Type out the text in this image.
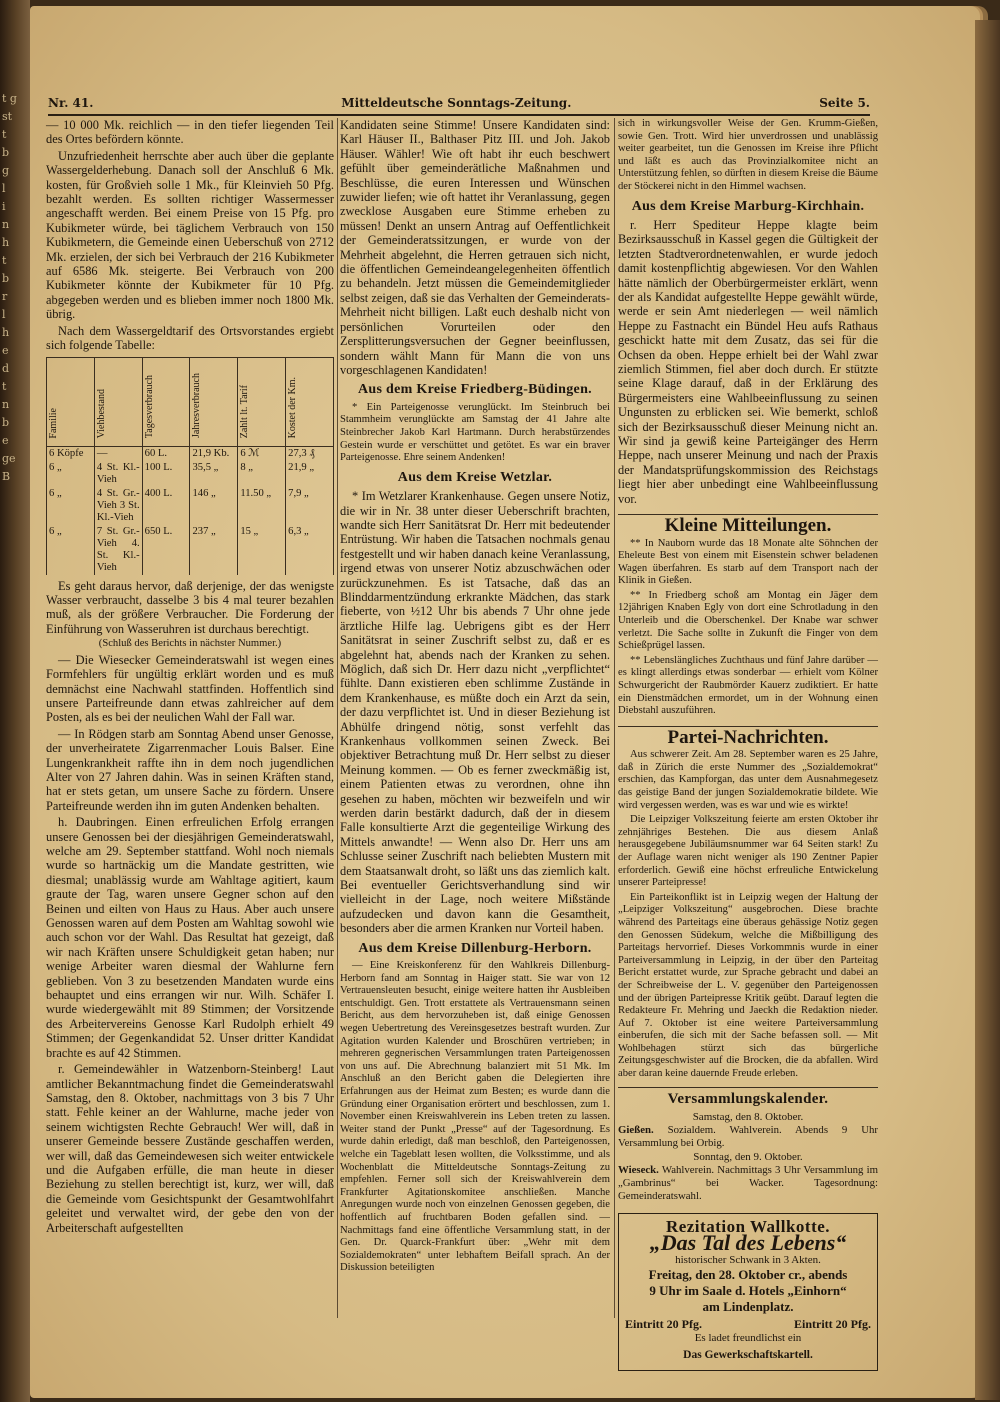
t g
st
t
b
g
l
i
n
h
t
b
r
l
h
e
d
t
n
b
e
ge
B
Nr. 41.	Mitteldeutsche Sonntags-Zeitung.	Seite 5.

— 10 000 Mk. reichlich — in den tiefer liegenden Teil des Ortes befördern könnte.

Unzufriedenheit herrschte aber auch über die geplante Wassergelderhebung. Danach soll der Anschluß 6 Mk. kosten, für Großvieh solle 1 Mk., für Kleinvieh 50 Pfg. bezahlt werden. Es sollten richtiger Wassermesser angeschafft werden. Bei einem Preise von 15 Pfg. pro Kubikmeter würde, bei täglichem Verbrauch von 150 Kubikmetern, die Gemeinde einen Ueberschuß von 2712 Mk. erzielen, der sich bei Verbrauch der 216 Kubikmeter auf 6586 Mk. steigerte. Bei Verbrauch von 200 Kubikmeter könnte der Kubikmeter für 10 Pfg. abgegeben werden und es blieben immer noch 1800 Mk. übrig.

Nach dem Wassergeldtarif des Ortsvorstandes ergiebt sich folgende Tabelle:

Familie	Viehbestand	Tagesverbrauch	Jahresverbrauch	Zahlt lt. Tarif	Kostet der Km.
6 Köpfe	—	60 L.	21,9 Kb.	6 ℳ	27,3 ₰
6 „	4 St. Kl.-Vieh	100 L.	35,5 „	8 „	21,9 „
6 „	4 St. Gr.-Vieh 3 St. Kl.-Vieh	400 L.	146 „	11.50 „	7,9 „
6 „	7 St. Gr.-Vieh 4. St. Kl.-Vieh	650 L.	237 „	15 „	6,3 „

Es geht daraus hervor, daß derjenige, der das wenigste Wasser verbraucht, dasselbe 3 bis 4 mal teurer bezahlen muß, als der größere Verbraucher. Die Forderung der Einführung von Wasseruhren ist durchaus berechtigt.

(Schluß des Berichts in nächster Nummer.)

— Die Wiesecker Gemeinderatswahl ist wegen eines Formfehlers für ungültig erklärt worden und es muß demnächst eine Nachwahl stattfinden. Hoffentlich sind unsere Parteifreunde dann etwas zahlreicher auf dem Posten, als es bei der neulichen Wahl der Fall war.

— In Rödgen starb am Sonntag Abend unser Genosse, der unverheiratete Zigarrenmacher Louis Balser. Eine Lungenkrankheit raffte ihn in dem noch jugendlichen Alter von 27 Jahren dahin. Was in seinen Kräften stand, hat er stets getan, um unsere Sache zu fördern. Unsere Parteifreunde werden ihn im guten Andenken behalten.

h. Daubringen. Einen erfreulichen Erfolg errangen unsere Genossen bei der diesjährigen Gemeinderatswahl, welche am 29. September stattfand. Wohl noch niemals wurde so hartnäckig um die Mandate gestritten, wie diesmal; unablässig wurde am Wahltage agitiert, kaum graute der Tag, waren unsere Gegner schon auf den Beinen und eilten von Haus zu Haus. Aber auch unsere Genossen waren auf dem Posten am Wahltag sowohl wie auch schon vor der Wahl. Das Resultat hat gezeigt, daß wir nach Kräften unsere Schuldigkeit getan haben; nur wenige Arbeiter waren diesmal der Wahlurne fern geblieben. Von 3 zu besetzenden Mandaten wurde eins behauptet und eins errangen wir nur. Wilh. Schäfer I. wurde wiedergewählt mit 89 Stimmen; der Vorsitzende des Arbeitervereins Genosse Karl Rudolph erhielt 49 Stimmen; der Gegenkandidat 52. Unser dritter Kandidat brachte es auf 42 Stimmen.

r. Gemeindewähler in Watzenborn-Steinberg! Laut amtlicher Bekanntmachung findet die Gemeinderatswahl Samstag, den 8. Oktober, nachmittags von 3 bis 7 Uhr statt. Fehle keiner an der Wahlurne, mache jeder von seinem wichtigsten Rechte Gebrauch! Wer will, daß in unserer Gemeinde bessere Zustände geschaffen werden, wer will, daß das Gemeindewesen sich weiter entwickele und die Aufgaben erfülle, die man heute in dieser Beziehung zu stellen berechtigt ist, kurz, wer will, daß die Gemeinde vom Gesichtspunkt der Gesamtwohlfahrt geleitet und verwaltet wird, der gebe den von der Arbeiterschaft aufgestellten

Kandidaten seine Stimme! Unsere Kandidaten sind: Karl Häuser II., Balthaser Pitz III. und Joh. Jakob Häuser. Wähler! Wie oft habt ihr euch beschwert gefühlt über gemeinderätliche Maßnahmen und Beschlüsse, die euren Interessen und Wünschen zuwider liefen; wie oft hattet ihr Veranlassung, gegen zwecklose Ausgaben eure Stimme erheben zu müssen! Denkt an unsern Antrag auf Oeffentlichkeit der Gemeinderatssitzungen, er wurde von der Mehrheit abgelehnt, die Herren getrauen sich nicht, die öffentlichen Gemeindeangelegenheiten öffentlich zu behandeln. Jetzt müssen die Gemeindemitglieder selbst zeigen, daß sie das Verhalten der Gemeinderats-Mehrheit nicht billigen. Laßt euch deshalb nicht von persönlichen Vorurteilen oder den Zersplitterungsversuchen der Gegner beeinflussen, sondern wählt Mann für Mann die von uns vorgeschlagenen Kandidaten!

Aus dem Kreise Friedberg-Büdingen.

* Ein Parteigenosse verunglückt. Im Steinbruch bei Stammheim verunglückte am Samstag der 41 Jahre alte Steinbrecher Jakob Karl Hartmann. Durch herabstürzendes Gestein wurde er verschüttet und getötet. Es war ein braver Parteigenosse. Ehre seinem Andenken!

Aus dem Kreise Wetzlar.

* Im Wetzlarer Krankenhause. Gegen unsere Notiz, die wir in Nr. 38 unter dieser Ueberschrift brachten, wandte sich Herr Sanitätsrat Dr. Herr mit bedeutender Entrüstung. Wir haben die Tatsachen nochmals genau festgestellt und wir haben danach keine Veranlassung, irgend etwas von unserer Notiz abzuschwächen oder zurückzunehmen. Es ist Tatsache, daß das an Blinddarmentzündung erkrankte Mädchen, das stark fieberte, von ½12 Uhr bis abends 7 Uhr ohne jede ärztliche Hilfe lag. Uebrigens gibt es der Herr Sanitätsrat in seiner Zuschrift selbst zu, daß er es abgelehnt hat, abends nach der Kranken zu sehen. Möglich, daß sich Dr. Herr dazu nicht „verpflichtet“ fühlte. Dann existieren eben schlimme Zustände in dem Krankenhause, es müßte doch ein Arzt da sein, der dazu verpflichtet ist. Und in dieser Beziehung ist Abhülfe dringend nötig, sonst verfehlt das Krankenhaus vollkommen seinen Zweck. Bei objektiver Betrachtung muß Dr. Herr selbst zu dieser Meinung kommen. — Ob es ferner zweckmäßig ist, einem Patienten etwas zu verordnen, ohne ihn gesehen zu haben, möchten wir bezweifeln und wir werden darin bestärkt dadurch, daß der in diesem Falle konsultierte Arzt die gegenteilige Wirkung des Mittels anwandte! — Wenn also Dr. Herr uns am Schlusse seiner Zuschrift nach beliebten Mustern mit dem Staatsanwalt droht, so läßt uns das ziemlich kalt. Bei eventueller Gerichtsverhandlung sind wir vielleicht in der Lage, noch weitere Mißstände aufzudecken und davon kann die Gesamtheit, besonders aber die armen Kranken nur Vorteil haben.

Aus dem Kreise Dillenburg-Herborn.

— Eine Kreiskonferenz für den Wahlkreis Dillenburg-Herborn fand am Sonntag in Haiger statt. Sie war von 12 Vertrauensleuten besucht, einige weitere hatten ihr Ausbleiben entschuldigt. Gen. Trott erstattete als Vertrauensmann seinen Bericht, aus dem hervorzuheben ist, daß einige Genossen wegen Uebertretung des Vereinsgesetzes bestraft wurden. Zur Agitation wurden Kalender und Broschüren vertrieben; in mehreren gegnerischen Versammlungen traten Parteigenossen von uns auf. Die Abrechnung balanziert mit 51 Mk. Im Anschluß an den Bericht gaben die Delegierten ihre Erfahrungen aus der Heimat zum Besten; es wurde dann die Gründung einer Organisation erörtert und beschlossen, zum 1. November einen Kreiswahlverein ins Leben treten zu lassen. Weiter stand der Punkt „Presse“ auf der Tagesordnung. Es wurde dahin erledigt, daß man beschloß, den Parteigenossen, welche ein Tageblatt lesen wollten, die Volksstimme, und als Wochenblatt die Mitteldeutsche Sonntags-Zeitung zu empfehlen. Ferner soll sich der Kreiswahlverein dem Frankfurter Agitationskomitee anschließen. Manche Anregungen wurde noch von einzelnen Genossen gegeben, die hoffentlich auf fruchtbaren Boden gefallen sind. — Nachmittags fand eine öffentliche Versammlung statt, in der Gen. Dr. Quarck-Frankfurt über: „Wehr mit dem Sozialdemokraten“ unter lebhaftem Beifall sprach. An der Diskussion beteiligten

sich in wirkungsvoller Weise der Gen. Krumm-Gießen, sowie Gen. Trott. Wird hier unverdrossen und unablässig weiter gearbeitet, tun die Genossen im Kreise ihre Pflicht und läßt es auch das Provinzialkomitee nicht an Unterstützung fehlen, so dürften in diesem Kreise die Bäume der Stöckerei nicht in den Himmel wachsen.

Aus dem Kreise Marburg-Kirchhain.

r. Herr Spediteur Heppe klagte beim Bezirksausschuß in Kassel gegen die Gültigkeit der letzten Stadtverordnetenwahlen, er wurde jedoch damit kostenpflichtig abgewiesen. Vor den Wahlen hätte nämlich der Oberbürgermeister erklärt, wenn der als Kandidat aufgestellte Heppe gewählt würde, werde er sein Amt niederlegen — weil nämlich Heppe zu Fastnacht ein Bündel Heu aufs Rathaus geschickt hatte mit dem Zusatz, das sei für die Ochsen da oben. Heppe erhielt bei der Wahl zwar ziemlich Stimmen, fiel aber doch durch. Er stützte seine Klage darauf, daß in der Erklärung des Bürgermeisters eine Wahlbeeinflussung zu seinen Ungunsten zu erblicken sei. Wie bemerkt, schloß sich der Bezirksausschuß dieser Meinung nicht an. Wir sind ja gewiß keine Parteigänger des Herrn Heppe, nach unserer Meinung und nach der Praxis der Mandatsprüfungskommission des Reichstags liegt hier aber unbedingt eine Wahlbeeinflussung vor.

Kleine Mitteilungen.

** In Nauborn wurde das 18 Monate alte Söhnchen der Eheleute Best von einem mit Eisenstein schwer beladenen Wagen überfahren. Es starb auf dem Transport nach der Klinik in Gießen.

** In Friedberg schoß am Montag ein Jäger dem 12jährigen Knaben Egly von dort eine Schrotladung in den Unterleib und die Oberschenkel. Der Knabe war schwer verletzt. Die Sache sollte in Zukunft die Finger von dem Schießprügel lassen.

** Lebenslängliches Zuchthaus und fünf Jahre darüber — es klingt allerdings etwas sonderbar — erhielt vom Kölner Schwurgericht der Raubmörder Kauerz zudiktiert. Er hatte ein Dienstmädchen ermordet, um in der Wohnung einen Diebstahl auszuführen.

Partei-Nachrichten.

Aus schwerer Zeit. Am 28. September waren es 25 Jahre, daß in Zürich die erste Nummer des „Sozialdemokrat“ erschien, das Kampforgan, das unter dem Ausnahmegesetz das geistige Band der jungen Sozialdemokratie bildete. Wie wird vergessen werden, was es war und wie es wirkte!

Die Leipziger Volkszeitung feierte am ersten Oktober ihr zehnjähriges Bestehen. Die aus diesem Anlaß herausgegebene Jubiläumsnummer war 64 Seiten stark! Zu der Auflage waren nicht weniger als 190 Zentner Papier erforderlich. Gewiß eine höchst erfreuliche Entwickelung unserer Parteipresse!

Ein Parteikonflikt ist in Leipzig wegen der Haltung der „Leipziger Volkszeitung“ ausgebrochen. Diese brachte während des Parteitags eine überaus gehässige Notiz gegen den Genossen Südekum, welche die Mißbilligung des Parteitags hervorrief. Dieses Vorkommnis wurde in einer Parteiversammlung in Leipzig, in der über den Parteitag Bericht erstattet wurde, zur Sprache gebracht und dabei an der Schreibweise der L. V. gegenüber den Parteigenossen und der übrigen Parteipresse Kritik geübt. Darauf legten die Redakteure Fr. Mehring und Jaeckh die Redaktion nieder. Auf 7. Oktober ist eine weitere Parteiversammlung einberufen, die sich mit der Sache befassen soll. — Mit Wohlbehagen stürzt sich das bürgerliche Zeitungsgeschwister auf die Brocken, die da abfallen. Wird aber daran keine dauernde Freude erleben.

Versammlungskalender.
Samstag, den 8. Oktober.
Gießen. Sozialdem. Wahlverein. Abends 9 Uhr Versammlung bei Orbig.
Sonntag, den 9. Oktober.
Wieseck. Wahlverein. Nachmittags 3 Uhr Versammlung im „Gambrinus“ bei Wacker. Tagesordnung: Gemeinderatswahl.
Rezitation Wallkotte.
„Das Tal des Lebens“
historischer Schwank in 3 Akten.
Freitag, den 28. Oktober cr., abends
9 Uhr im Saale d. Hotels „Einhorn“
am Lindenplatz.
Eintritt 20 Pfg.	Eintritt 20 Pfg.
Es ladet freundlichst ein
Das Gewerkschaftskartell.
